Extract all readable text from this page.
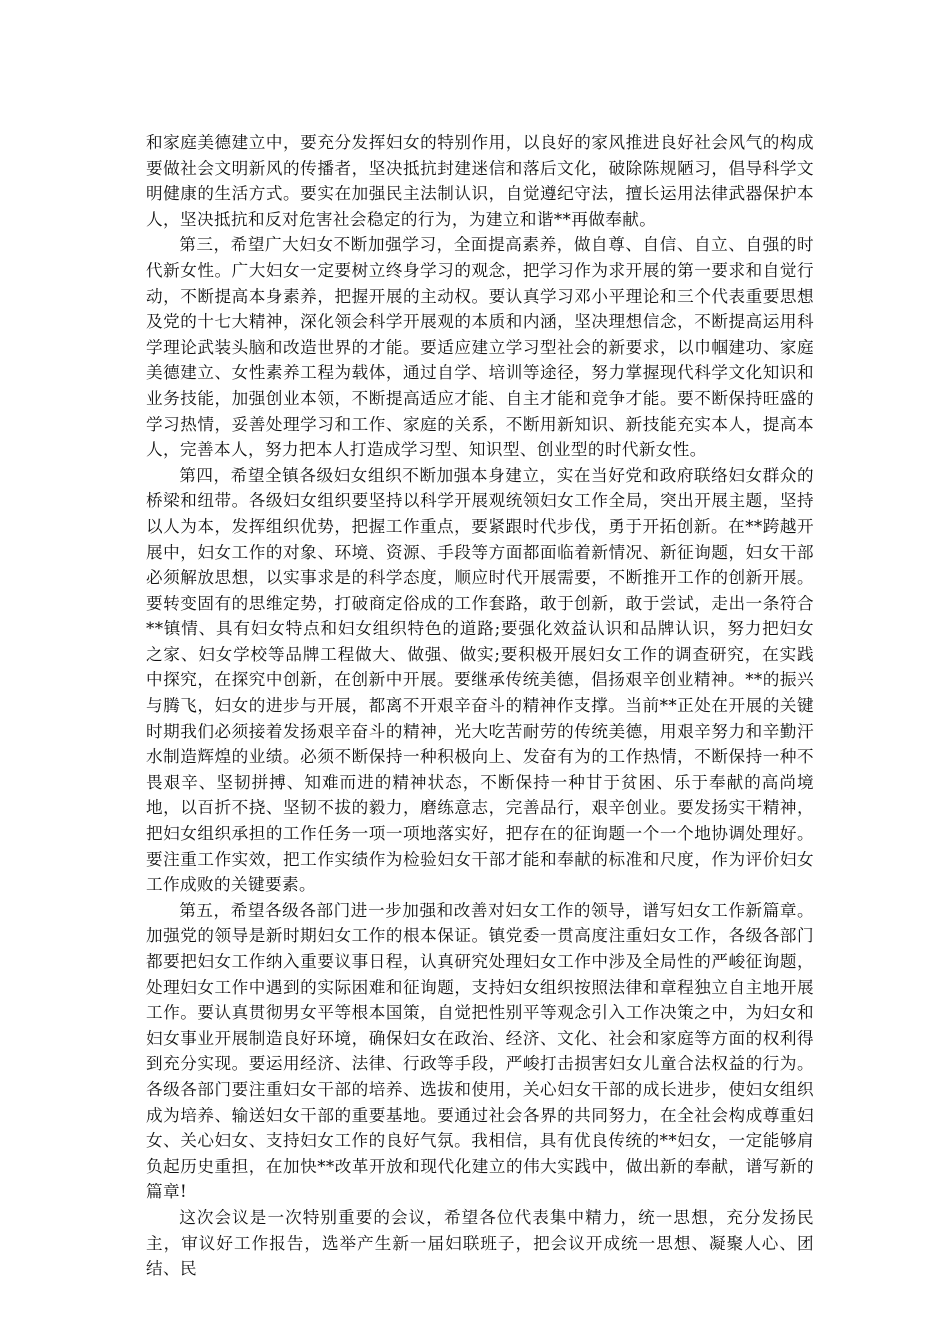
和家庭美德建立中，要充分发挥妇女的特别作用，以良好的家风推进良好社会风气的构成要做社会文明新风的传播者，坚决抵抗封建迷信和落后文化，破除陈规陋习，倡导科学文明健康的生活方式。要实在加强民主法制认识，自觉遵纪守法，擅长运用法律武器保护本人，坚决抵抗和反对危害社会稳定的行为，为建立和谐**再做奉献。

第三，希望广大妇女不断加强学习，全面提高素养，做自尊、自信、自立、自强的时代新女性。广大妇女一定要树立终身学习的观念，把学习作为求开展的第一要求和自觉行动，不断提高本身素养，把握开展的主动权。要认真学习邓小平理论和三个代表重要思想及党的十七大精神，深化领会科学开展观的本质和内涵，坚决理想信念，不断提高运用科学理论武装头脑和改造世界的才能。要适应建立学习型社会的新要求，以巾帼建功、家庭美德建立、女性素养工程为载体，通过自学、培训等途径，努力掌握现代科学文化知识和业务技能，加强创业本领，不断提高适应才能、自主才能和竞争才能。要不断保持旺盛的学习热情，妥善处理学习和工作、家庭的关系，不断用新知识、新技能充实本人，提高本人，完善本人，努力把本人打造成学习型、知识型、创业型的时代新女性。

第四，希望全镇各级妇女组织不断加强本身建立，实在当好党和政府联络妇女群众的桥梁和纽带。各级妇女组织要坚持以科学开展观统领妇女工作全局，突出开展主题，坚持以人为本，发挥组织优势，把握工作重点，要紧跟时代步伐，勇于开拓创新。在**跨越开展中，妇女工作的对象、环境、资源、手段等方面都面临着新情况、新征询题，妇女干部必须解放思想，以实事求是的科学态度，顺应时代开展需要，不断推开工作的创新开展。要转变固有的思维定势，打破商定俗成的工作套路，敢于创新，敢于尝试，走出一条符合**镇情、具有妇女特点和妇女组织特色的道路;要强化效益认识和品牌认识，努力把妇女之家、妇女学校等品牌工程做大、做强、做实;要积极开展妇女工作的调查研究，在实践中探究，在探究中创新，在创新中开展。要继承传统美德，倡扬艰辛创业精神。**的振兴与腾飞，妇女的进步与开展，都离不开艰辛奋斗的精神作支撑。当前**正处在开展的关键时期我们必须接着发扬艰辛奋斗的精神，光大吃苦耐劳的传统美德，用艰辛努力和辛勤汗水制造辉煌的业绩。必须不断保持一种积极向上、发奋有为的工作热情，不断保持一种不畏艰辛、坚韧拼搏、知难而进的精神状态，不断保持一种甘于贫困、乐于奉献的高尚境地，以百折不挠、坚韧不拔的毅力，磨练意志，完善品行，艰辛创业。要发扬实干精神，把妇女组织承担的工作任务一项一项地落实好，把存在的征询题一个一个地协调处理好。要注重工作实效，把工作实绩作为检验妇女干部才能和奉献的标准和尺度，作为评价妇女工作成败的关键要素。

第五，希望各级各部门进一步加强和改善对妇女工作的领导，谱写妇女工作新篇章。加强党的领导是新时期妇女工作的根本保证。镇党委一贯高度注重妇女工作，各级各部门都要把妇女工作纳入重要议事日程，认真研究处理妇女工作中涉及全局性的严峻征询题，处理妇女工作中遇到的实际困难和征询题，支持妇女组织按照法律和章程独立自主地开展工作。要认真贯彻男女平等根本国策，自觉把性别平等观念引入工作决策之中，为妇女和妇女事业开展制造良好环境，确保妇女在政治、经济、文化、社会和家庭等方面的权利得到充分实现。要运用经济、法律、行政等手段，严峻打击损害妇女儿童合法权益的行为。各级各部门要注重妇女干部的培养、选拔和使用，关心妇女干部的成长进步，使妇女组织成为培养、输送妇女干部的重要基地。要通过社会各界的共同努力，在全社会构成尊重妇女、关心妇女、支持妇女工作的良好气氛。我相信，具有优良传统的**妇女，一定能够肩负起历史重担，在加快**改革开放和现代化建立的伟大实践中，做出新的奉献，谱写新的篇章!

这次会议是一次特别重要的会议，希望各位代表集中精力，统一思想，充分发扬民主，审议好工作报告，选举产生新一届妇联班子，把会议开成统一思想、凝聚人心、团结、民
